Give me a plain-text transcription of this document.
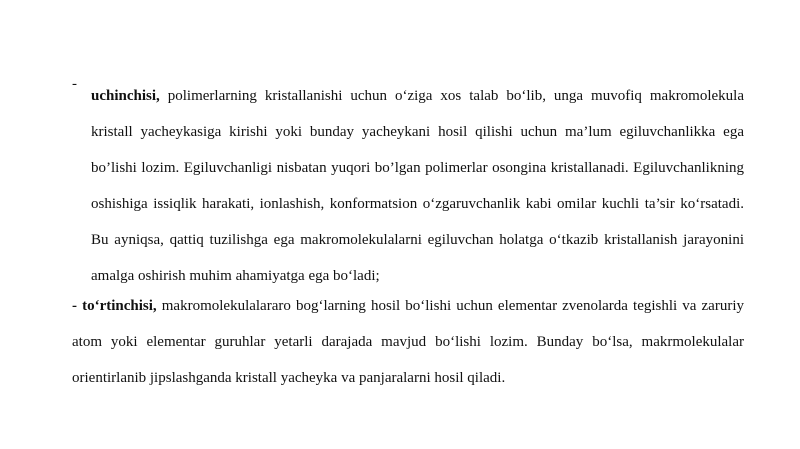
-

uchinchisi, polimerlarning kristallanishi uchun o‘ziga xos talab bo‘lib, unga muvofiq makromolekula kristall yacheykasiga kirishi yoki bunday yacheykani hosil qilishi uchun ma’lum egiluvchanlikka ega bo’lishi lozim. Egiluvchanligi nisbatan yuqori bo’lgan polimerlar osongina kristallanadi. Egiluvchanlikning oshishiga issiqlik harakati, ionlashish, konformatsion o‘zgaruvchanlik kabi omilar kuchli ta’sir ko‘rsatadi. Bu ayniqsa, qattiq tuzilishga ega makromolekulalarni egiluvchan holatga o‘tkazib kristallanish jarayonini amalga oshirish muhim ahamiyatga ega bo‘ladi;

- to‘rtinchisi, makromolekulalararo bog‘larning hosil bo‘lishi uchun elementar zvenolarda tegishli va zaruriy atom yoki elementar guruhlar yetarli darajada mavjud bo‘lishi lozim. Bunday bo‘lsa, makrmolekulalar orientirlanib jipslashganda kristall yacheyka va panjaralarni hosil qiladi.
